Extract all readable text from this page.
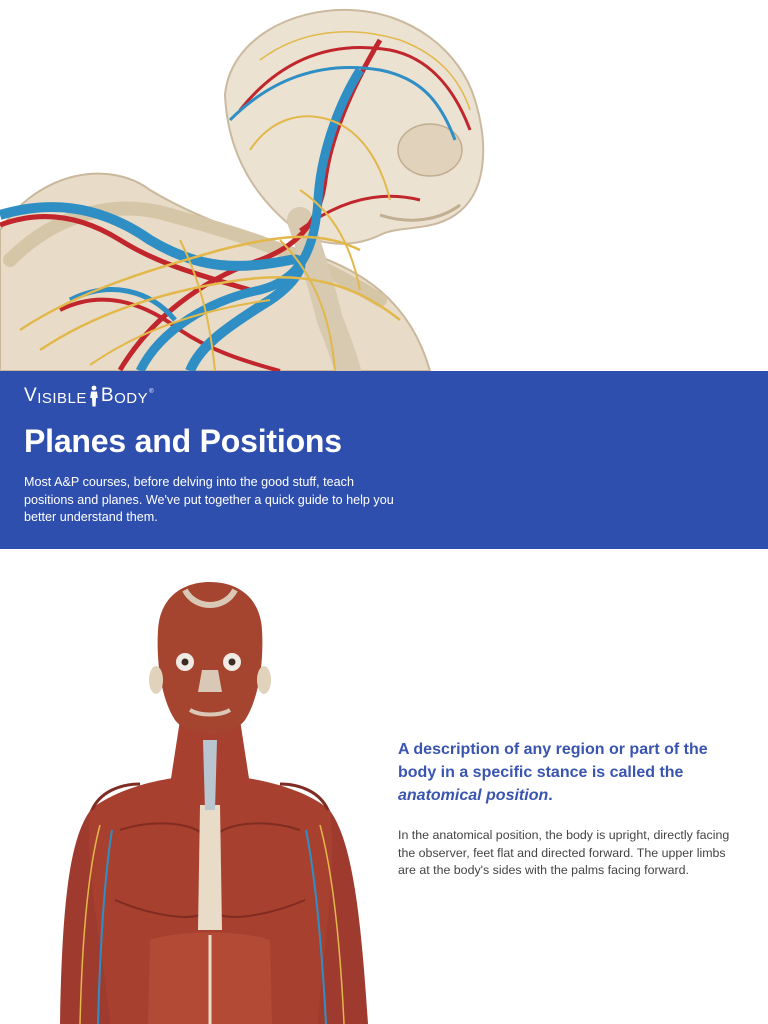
V ISIBLE B ODY ®
Planes and Positions

Most A&P courses, before delving into the good stuff, teach positions and planes. We've put together a quick guide to help you better understand them.

A description of any region or part of the body in a specific stance is called the anatomical position.

In the anatomical position, the body is upright, directly facing the observer, feet flat and directed forward. The upper limbs are at the body's sides with the palms facing forward.
